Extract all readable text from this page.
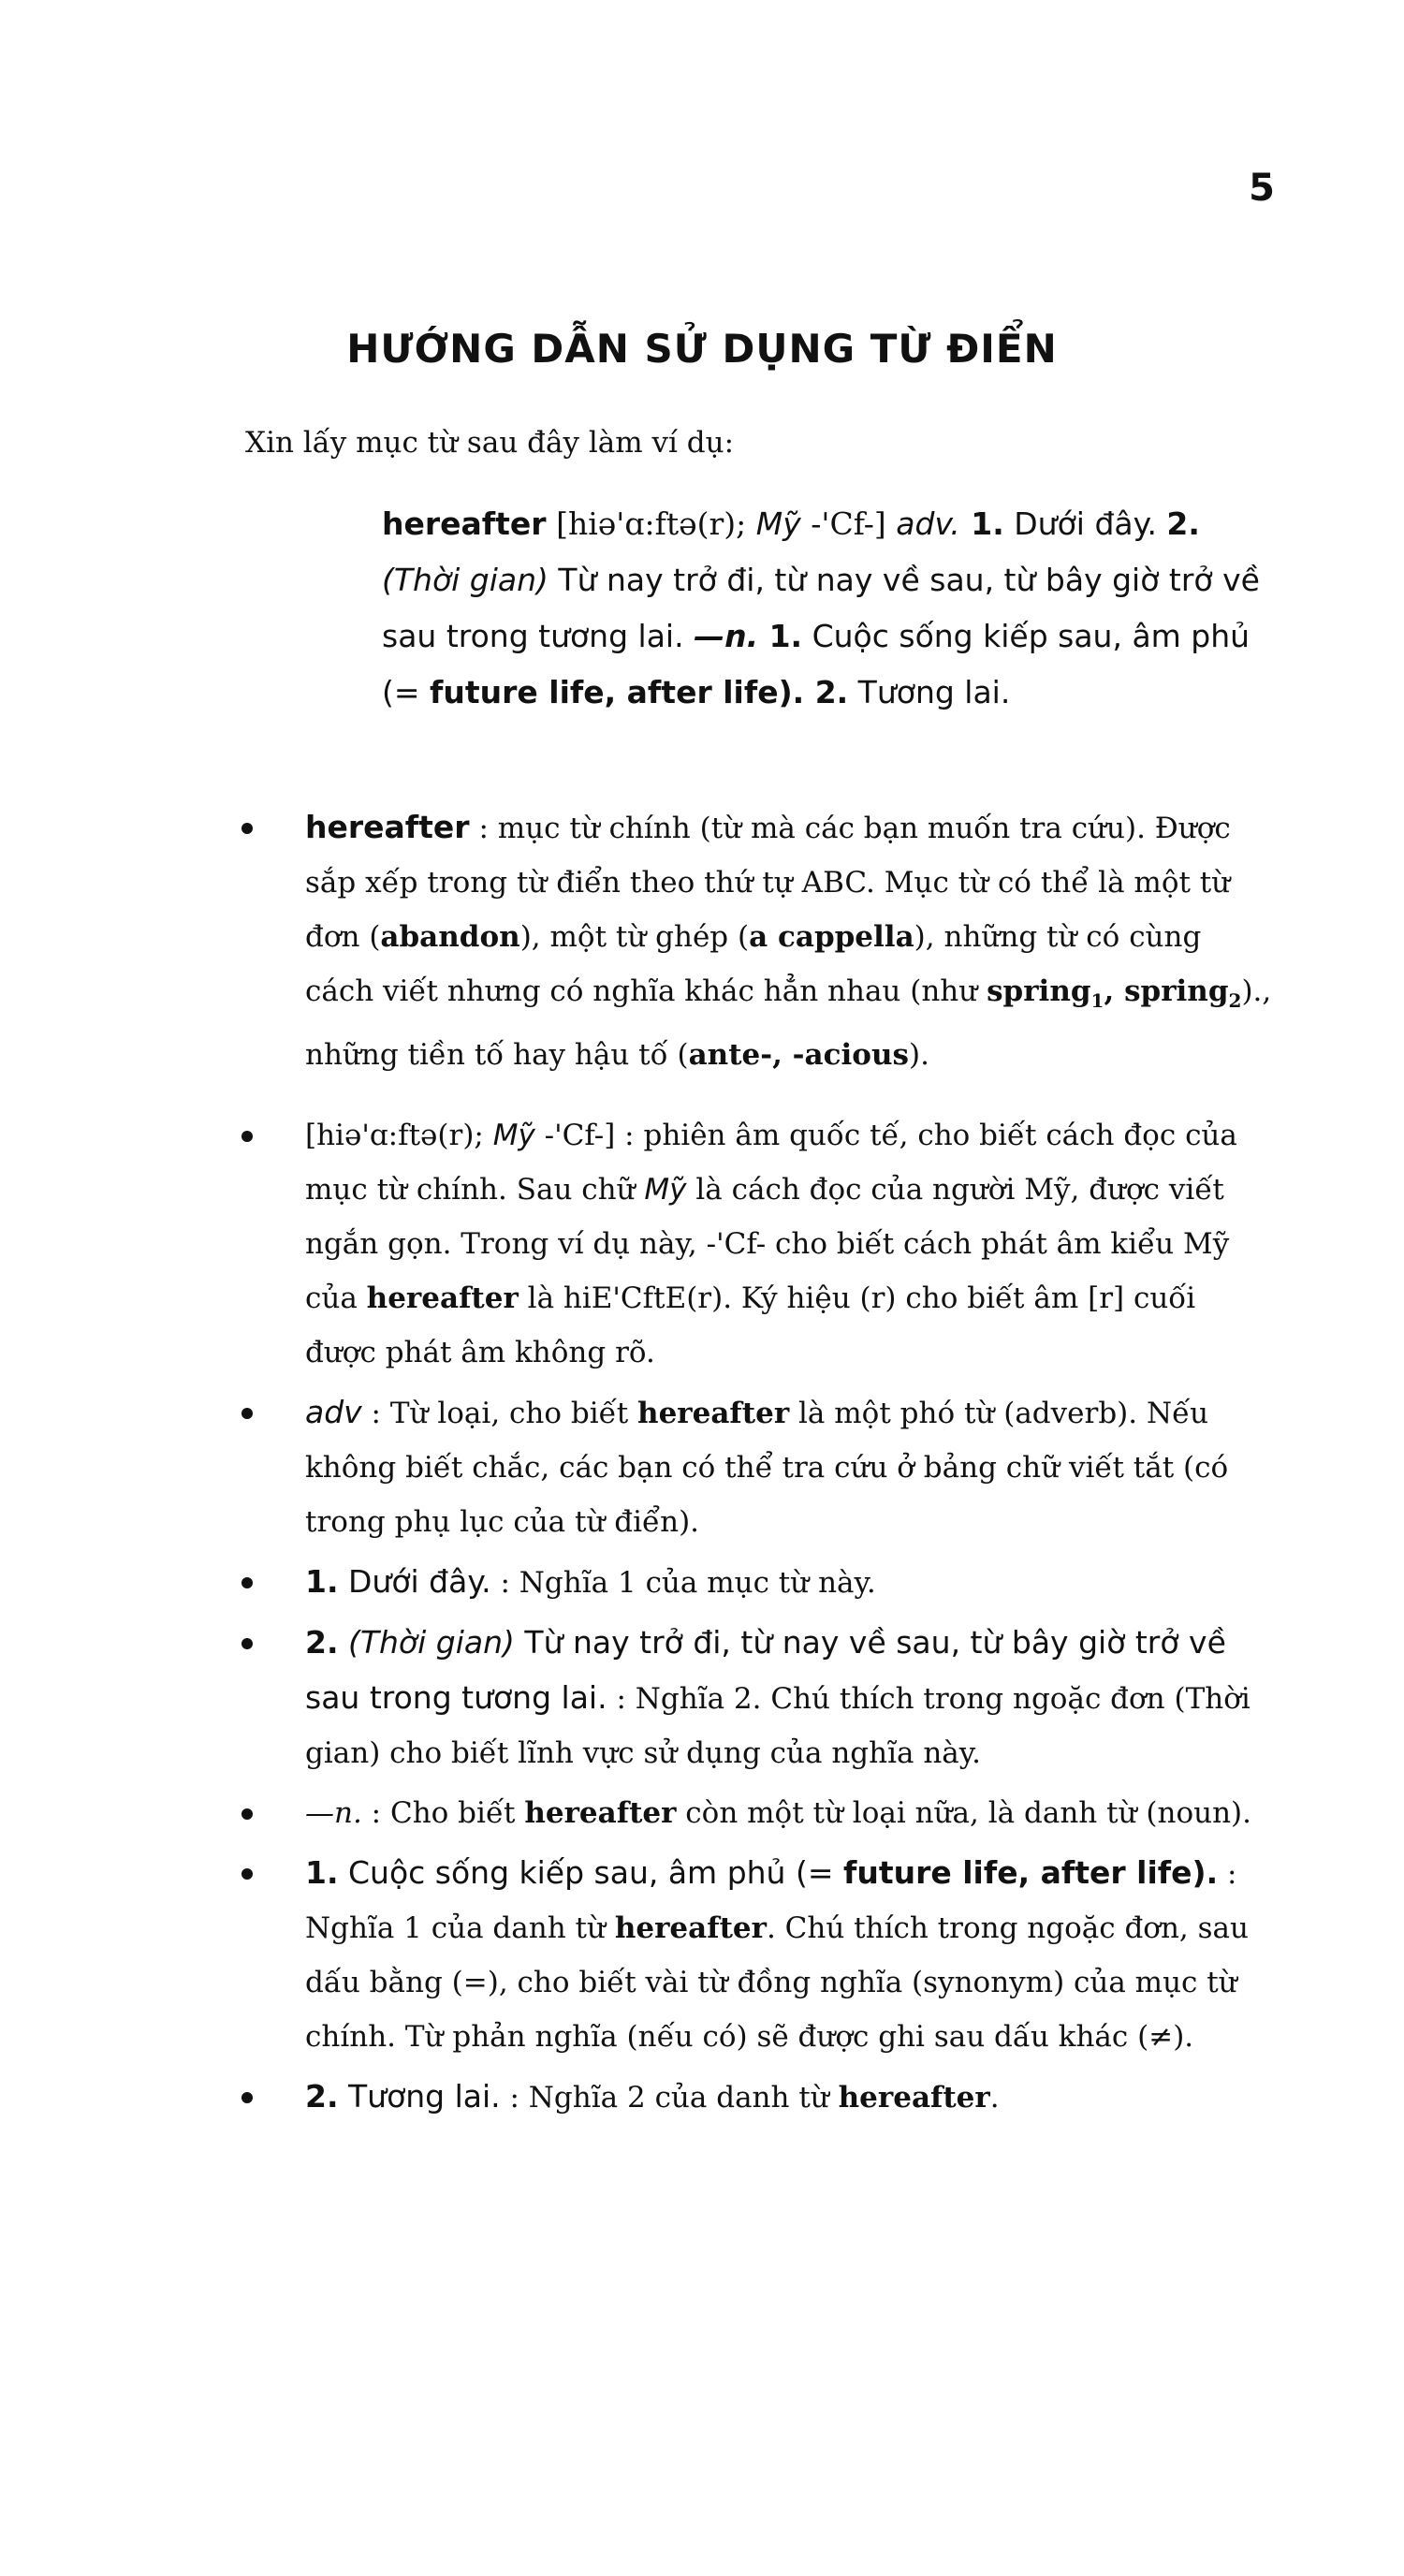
5
HƯỚNG DẪN SỬ DỤNG TỪ ĐIỂN
Xin lấy mục từ sau đây làm ví dụ:

hereafter [hiə'ɑ:ftə(r); Mỹ -'Cf-] adv. 1. Dưới đây. 2. (Thời gian) Từ nay trở đi, từ nay về sau, từ bây giờ trở về sau trong tương lai. —n. 1. Cuộc sống kiếp sau, âm phủ (= future life, after life). 2. Tương lai.

hereafter : mục từ chính (từ mà các bạn muốn tra cứu). Được sắp xếp trong từ điển theo thứ tự ABC. Mục từ có thể là một từ đơn (abandon), một từ ghép (a cappella), những từ có cùng cách viết nhưng có nghĩa khác hẳn nhau (như spring$_1$, spring$_2$)., những tiền tố hay hậu tố (ante-, -acious).
[hiə'ɑ:ftə(r); Mỹ -'Cf-] : phiên âm quốc tế, cho biết cách đọc của mục từ chính. Sau chữ Mỹ là cách đọc của người Mỹ, được viết ngắn gọn. Trong ví dụ này, -'Cf- cho biết cách phát âm kiểu Mỹ của hereafter là hiE'CftE(r). Ký hiệu (r) cho biết âm [r] cuối được phát âm không rõ.
adv : Từ loại, cho biết hereafter là một phó từ (adverb). Nếu không biết chắc, các bạn có thể tra cứu ở bảng chữ viết tắt (có trong phụ lục của từ điển).
1. Dưới đây. : Nghĩa 1 của mục từ này.
2. (Thời gian) Từ nay trở đi, từ nay về sau, từ bây giờ trở về sau trong tương lai. : Nghĩa 2. Chú thích trong ngoặc đơn (Thời gian) cho biết lĩnh vực sử dụng của nghĩa này.
—n. : Cho biết hereafter còn một từ loại nữa, là danh từ (noun).
1. Cuộc sống kiếp sau, âm phủ (= future life, after life). : Nghĩa 1 của danh từ hereafter. Chú thích trong ngoặc đơn, sau dấu bằng (=), cho biết vài từ đồng nghĩa (synonym) của mục từ chính. Từ phản nghĩa (nếu có) sẽ được ghi sau dấu khác (≠).
2. Tương lai. : Nghĩa 2 của danh từ hereafter.
